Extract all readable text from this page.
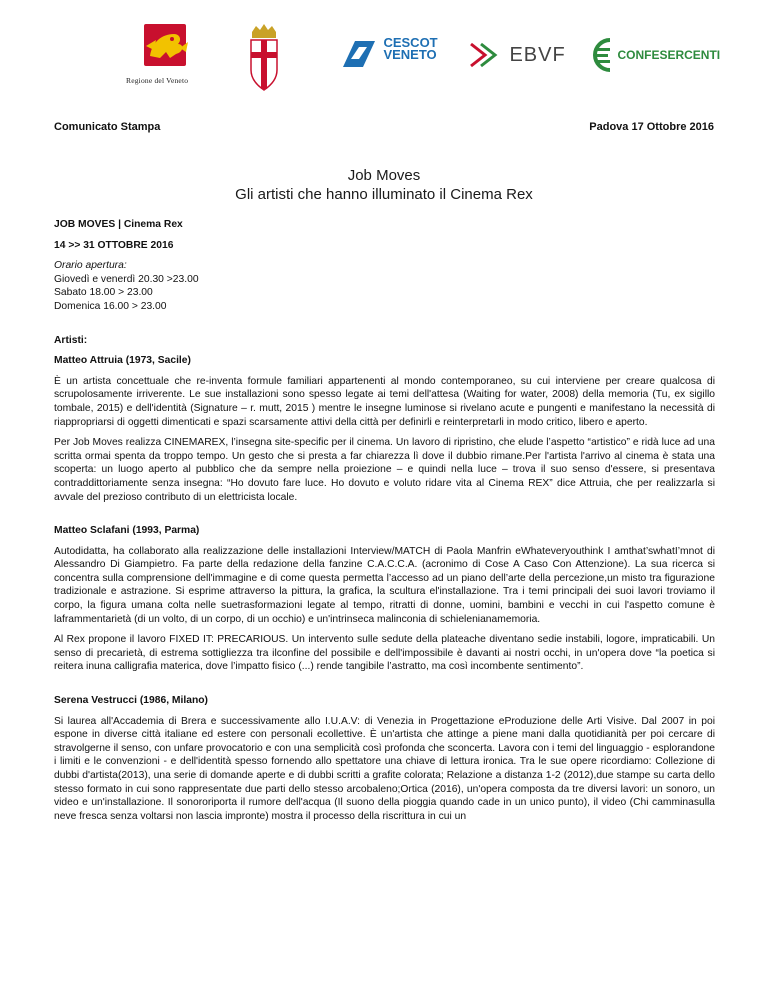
Regione del Veneto
CESCOT
VENETO	EBVF	CONFESERCENTI
Comunicato Stampa	Padova 17 Ottobre 2016
Job Moves
Gli artisti che hanno illuminato il Cinema Rex

JOB MOVES | Cinema Rex

14 >> 31 OTTOBRE 2016

Orario apertura:
Giovedì e venerdì 20.30 >23.00
Sabato 18.00 > 23.00
Domenica 16.00 > 23.00

Artisti:

Matteo Attruia (1973, Sacile)

È un artista concettuale che re-inventa formule familiari appartenenti al mondo contemporaneo, su cui interviene per creare qualcosa di scrupolosamente irriverente. Le sue installazioni sono spesso legate ai temi dell'attesa (Waiting for water, 2008) della memoria (Tu, ex sigillo tombale, 2015) e dell'identità (Signature – r. mutt, 2015 ) mentre le insegne luminose si rivelano acute e pungenti e manifestano la necessità di riappropriarsi di oggetti dimenticati e spazi scarsamente attivi della città per definirli e reinterpretarli in modo critico, libero e aperto.

Per Job Moves realizza CINEMAREX, l’insegna site-specific per il cinema. Un lavoro di ripristino, che elude l’aspetto “artistico” e ridà luce ad una scritta ormai spenta da troppo tempo. Un gesto che si presta a far chiarezza lì dove il dubbio rimane.Per l'artista l'arrivo al cinema è stata una scoperta: un luogo aperto al pubblico che da sempre nella proiezione – e quindi nella luce – trova il suo senso d'essere, si presentava contraddittoriamente senza insegna: “Ho dovuto fare luce. Ho dovuto e voluto ridare vita al Cinema REX” dice Attruia, che per realizzarla si avvale del prezioso contributo di un elettricista locale.

Matteo Sclafani (1993, Parma)

Autodidatta, ha collaborato alla realizzazione delle installazioni Interview/MATCH di Paola Manfrin eWhateveryouthink I amthat’swhatI’mnot di Alessandro Di Giampietro. Fa parte della redazione della fanzine C.A.C.C.A. (acronimo di Cose A Caso Con Attenzione). La sua ricerca si concentra sulla comprensione dell'immagine e di come questa permetta l’accesso ad un piano dell’arte della percezione,un misto tra figurazione tradizionale e astrazione. Si esprime attraverso la pittura, la grafica, la scultura el'installazione. Tra i temi principali dei suoi lavori troviamo il corpo, la figura umana colta nelle suetrasformazioni legate al tempo, ritratti di donne, uomini, bambini e vecchi in cui l'aspetto comune è laframmentarietà (di un volto, di un corpo, di un occhio) e un'intrinseca malinconia di schielenianamemoria.

Al Rex propone il lavoro FIXED IT: PRECARIOUS. Un intervento sulle sedute della plateache diventano sedie instabili, logore, impraticabili. Un senso di precarietà, di estrema sottigliezza tra ilconfine del possibile e dell'impossibile è davanti ai nostri occhi, in un'opera dove “la poetica si reitera inuna calligrafia materica, dove l’impatto fisico (...) rende tangibile l’astratto, ma così incombente sentimento”.

Serena Vestrucci (1986, Milano)

Si laurea all'Accademia di Brera e successivamente allo I.U.A.V: di Venezia in Progettazione eProduzione delle Arti Visive. Dal 2007 in poi espone in diverse città italiane ed estere con personali ecollettive. È un'artista che attinge a piene mani dalla quotidianità per poi cercare di stravolgerne il senso, con unfare provocatorio e con una semplicità così profonda che sconcerta. Lavora con i temi del linguaggio - esplorandone i limiti e le convenzioni - e dell'identità spesso fornendo allo spettatore una chiave di lettura ironica. Tra le sue opere ricordiamo: Collezione di dubbi d'artista(2013), una serie di domande aperte e di dubbi scritti a grafite colorata; Relazione a distanza 1-2 (2012),due stampe su carta dello stesso formato in cui sono rappresentate due parti dello stesso arcobaleno;Ortica (2016), un'opera composta da tre diversi lavori: un sonoro, un video e un'installazione. Il sonororiporta il rumore dell'acqua (Il suono della pioggia quando cade in un unico punto), il video (Chi camminasulla neve fresca senza voltarsi non lascia impronte) mostra il processo della riscrittura in cui un
